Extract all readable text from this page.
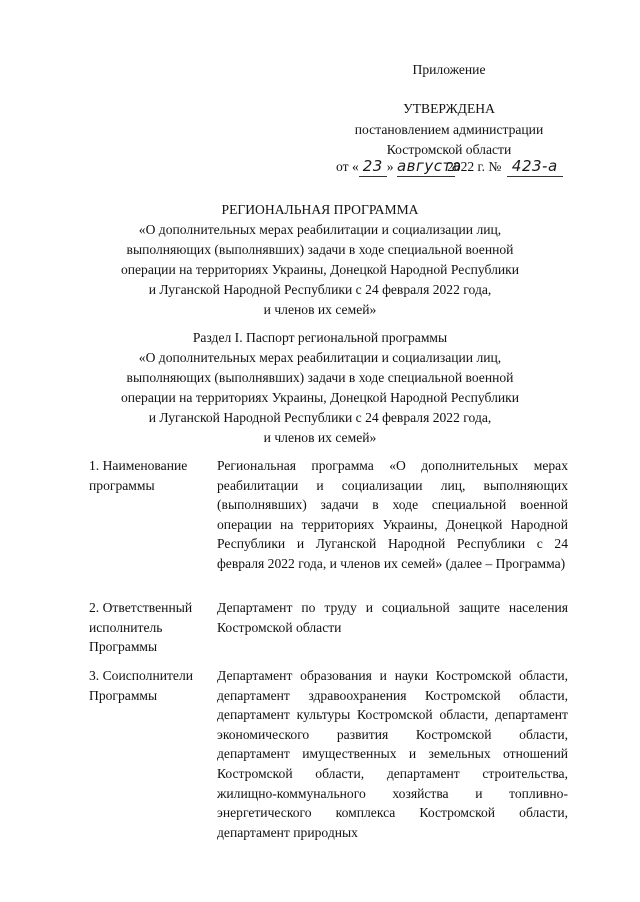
Приложение
УТВЕРЖДЕНА
постановлением администрации
Костромской области
от « 23 » августа2022 г. № 423-а
РЕГИОНАЛЬНАЯ ПРОГРАММА
«О дополнительных мерах реабилитации и социализации лиц,
выполняющих (выполнявших) задачи в ходе специальной военной
операции на территориях Украины, Донецкой Народной Республики
и Луганской Народной Республики с 24 февраля 2022 года,
и членов их семей»
Раздел I. Паспорт региональной программы
«О дополнительных мерах реабилитации и социализации лиц,
выполняющих (выполнявших) задачи в ходе специальной военной
операции на территориях Украины, Донецкой Народной Республики
и Луганской Народной Республики с 24 февраля 2022 года,
и членов их семей»
1. Наименование программы
Региональная программа «О дополнительных мерах реабилитации и социализации лиц, выполняющих (выполнявших) задачи в ходе специальной военной операции на территориях Украины, Донецкой Народной Республики и Луганской Народной Республики с 24 февраля 2022 года, и членов их семей» (далее – Программа)
2. Ответственный исполнитель Программы
Департамент по труду и социальной защите населения Костромской области
3. Соисполнители Программы
Департамент образования и науки Костромской области, департамент здравоохранения Костромской области, департамент культуры Костромской области, департамент экономического развития Костромской области, департамент имущественных и земельных отношений Костромской области, департамент строительства, жилищно-коммунального хозяйства и топливно-энергетического комплекса Костромской области, департамент природных
